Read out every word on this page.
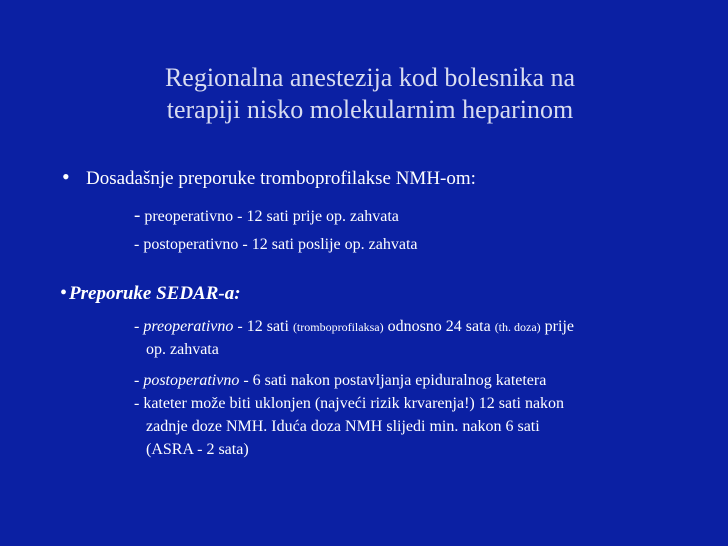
Regionalna anestezija kod bolesnika na
terapiji nisko molekularnim heparinom
• Dosadašnje preporuke tromboprofilakse NMH-om:
- preoperativno - 12 sati prije op. zahvata
- postoperativno - 12 sati poslije op. zahvata
• Preporuke SEDAR-a:
- preoperativno - 12 sati (tromboprofilaksa) odnosno 24 sata (th. doza) prije
op. zahvata
- postoperativno - 6 sati nakon postavljanja epiduralnog katetera
- kateter može biti uklonjen (najveći rizik krvarenja!) 12 sati nakon
zadnje doze NMH. Iduća doza NMH slijedi min. nakon 6 sati
(ASRA - 2 sata)
